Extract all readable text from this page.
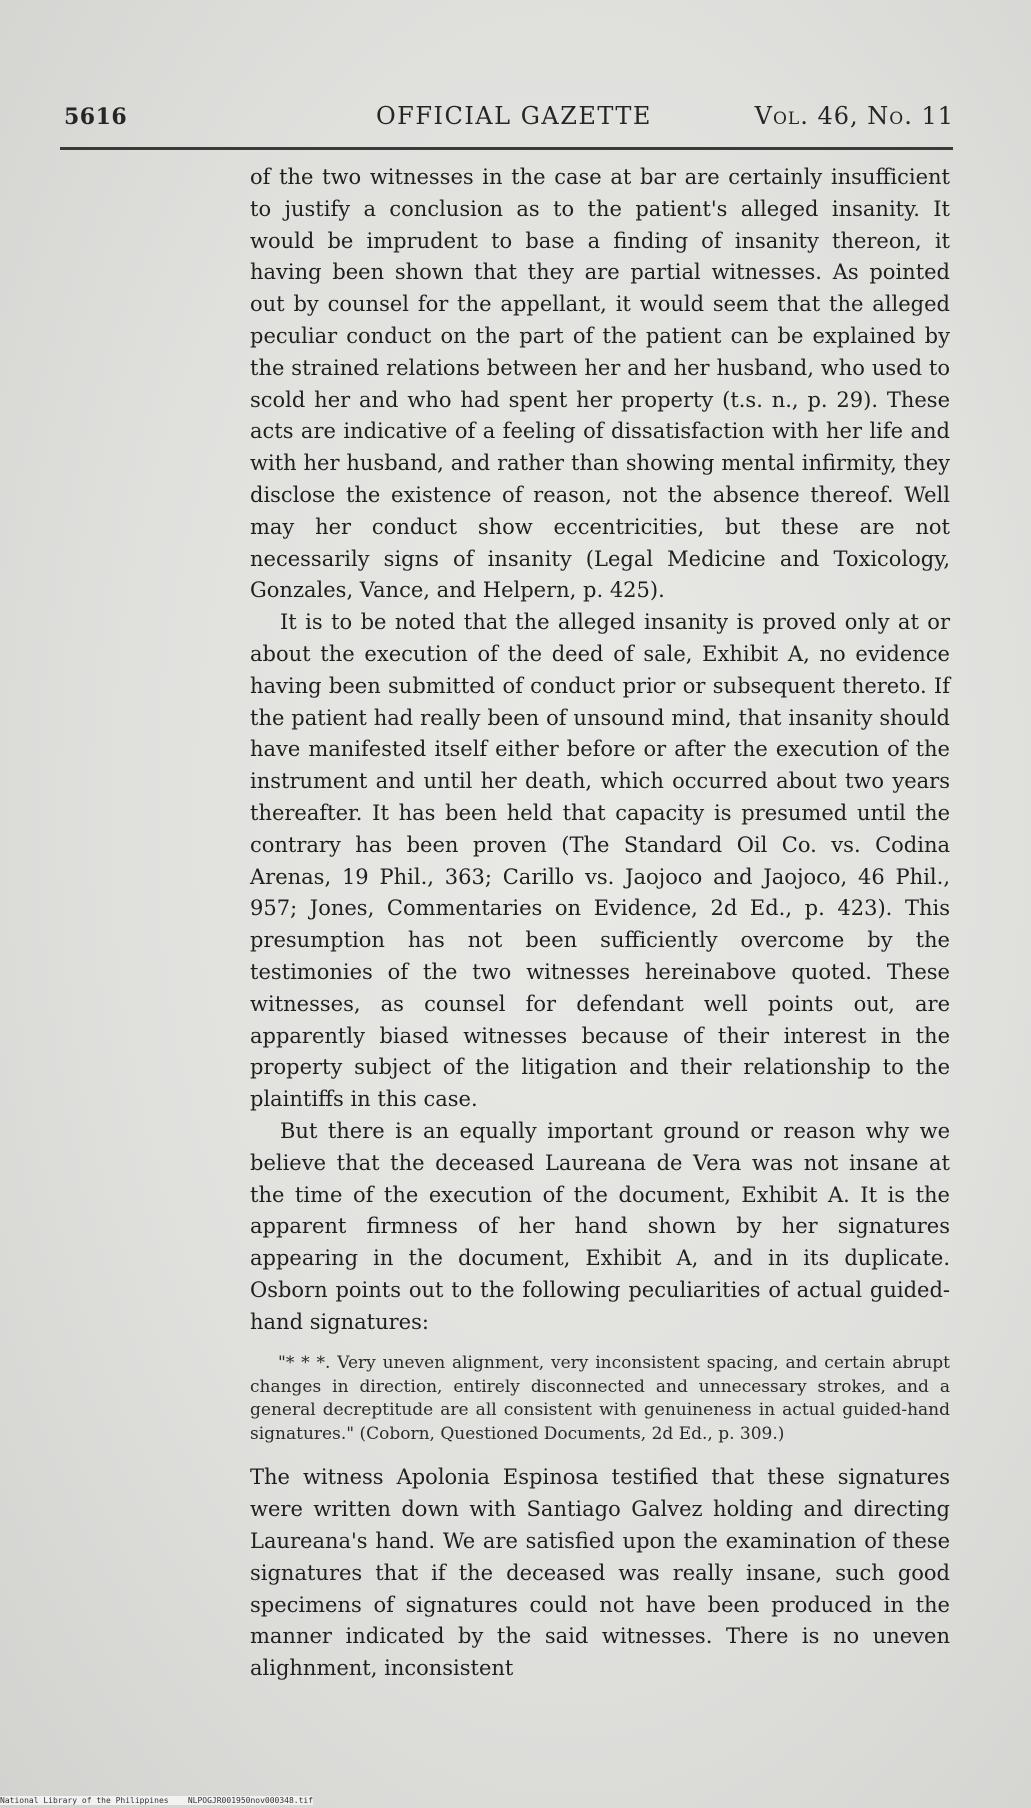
5616	OFFICIAL GAZETTE	Vol. 46, No. 11

of the two witnesses in the case at bar are certainly insufficient to justify a conclusion as to the patient's alleged insanity. It would be imprudent to base a finding of insanity thereon, it having been shown that they are partial witnesses. As pointed out by counsel for the appellant, it would seem that the alleged peculiar conduct on the part of the patient can be explained by the strained relations between her and her husband, who used to scold her and who had spent her property (t.s. n., p. 29). These acts are indicative of a feeling of dissatisfaction with her life and with her husband, and rather than showing mental infirmity, they disclose the existence of reason, not the absence thereof. Well may her conduct show eccentricities, but these are not necessarily signs of insanity (Legal Medicine and Toxicology, Gonzales, Vance, and Helpern, p. 425).

It is to be noted that the alleged insanity is proved only at or about the execution of the deed of sale, Exhibit A, no evidence having been submitted of conduct prior or subsequent thereto. If the patient had really been of unsound mind, that insanity should have manifested itself either before or after the execution of the instrument and until her death, which occurred about two years thereafter. It has been held that capacity is presumed until the contrary has been proven (The Standard Oil Co. vs. Codina Arenas, 19 Phil., 363; Carillo vs. Jaojoco and Jaojoco, 46 Phil., 957; Jones, Commentaries on Evidence, 2d Ed., p. 423). This presumption has not been sufficiently overcome by the testimonies of the two witnesses hereinabove quoted. These witnesses, as counsel for defendant well points out, are apparently biased witnesses because of their interest in the property subject of the litigation and their relationship to the plaintiffs in this case.

But there is an equally important ground or reason why we believe that the deceased Laureana de Vera was not insane at the time of the execution of the document, Exhibit A. It is the apparent firmness of her hand shown by her signatures appearing in the document, Exhibit A, and in its duplicate. Osborn points out to the following peculiarities of actual guided-hand signatures:

"* * *. Very uneven alignment, very inconsistent spacing, and certain abrupt changes in direction, entirely disconnected and unnecessary strokes, and a general decreptitude are all consistent with genuineness in actual guided-hand signatures." (Coborn, Questioned Documents, 2d Ed., p. 309.)

The witness Apolonia Espinosa testified that these signatures were written down with Santiago Galvez holding and directing Laureana's hand. We are satisfied upon the examination of these signatures that if the deceased was really insane, such good specimens of signatures could not have been produced in the manner indicated by the said witnesses. There is no uneven alighnment, inconsistent

National Library of the Philippines    NLPOGJR001950nov000348.tif
